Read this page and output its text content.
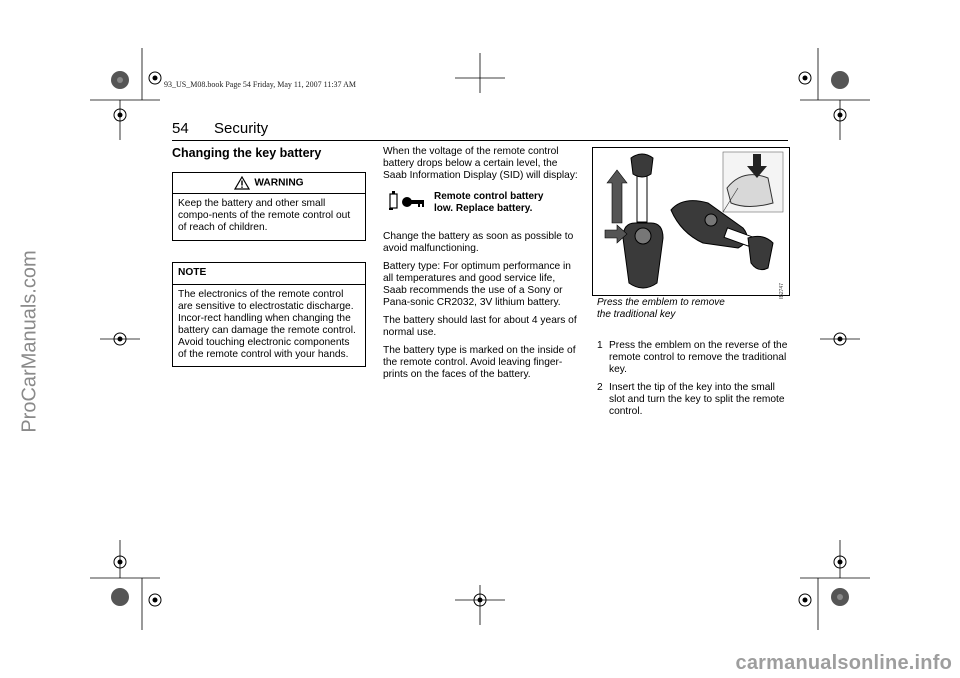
93_US_M08.book Page 54 Friday, May 11, 2007 11:37 AM
54 Security
Changing the key battery
WARNING
Keep the battery and other small compo-nents of the remote control out of reach of children.
NOTE
The electronics of the remote control are sensitive to electrostatic discharge. Incor-rect handling when changing the battery can damage the remote control. Avoid touching electronic components of the remote control with your hands.

When the voltage of the remote control battery drops below a certain level, the Saab Information Display (SID) will display:

Remote control battery
low. Replace battery.

Change the battery as soon as possible to avoid malfunctioning.

Battery type: For optimum performance in all temperatures and good service life, Saab recommends the use of a Sony or Pana-sonic CR2032, 3V lithium battery.

The battery should last for about 4 years of normal use.

The battery type is marked on the inside of the remote control. Avoid leaving finger-prints on the faces of the battery.

IB2747
Press the emblem to remove
the traditional key
1 Press the emblem on the reverse of the remote control to remove the traditional key.
2 Insert the tip of the key into the small slot and turn the key to split the remote control.
ProCarManuals.com
carmanualsonline.info
